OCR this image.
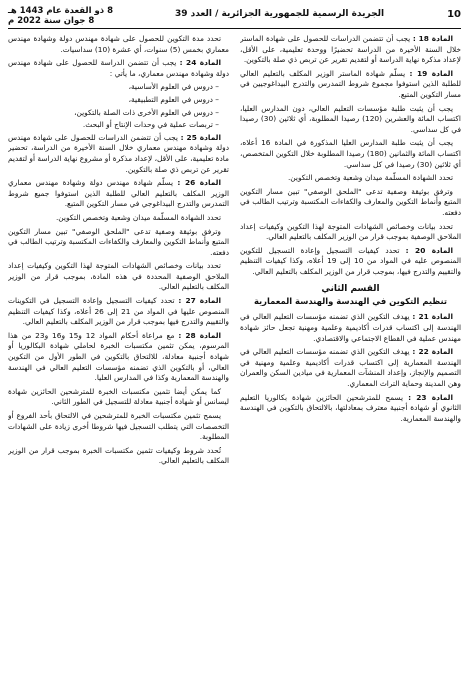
10
الجريدة الرسمية للجمهورية الجزائرية / العدد 39
8 ذو القعدة عام 1443 هـ
8 جوان سنة 2022 م

المادة 18 : يجب أن تتضمن الدراسات للحصول على شهادة الماستر خلال السنة الأخيرة من الدراسة تحضيرًا ووحدة تعليمية، على الأقل، لإعداد مذكرة نهاية الدراسة أو لتقديم تقرير عن تربص ذي صلة بالتكوين.

المادة 19 : يسلّم شهادة الماستر الوزير المكلف بالتعليم العالي للطلبة الذين استوفوا مجموع شروط التمدرس والتدرج البيداغوجيين في مسار التكوين المتبع.

يجب أن يثبت طلبة مؤسسات التعليم العالي، دون المدارس العليا، اكتساب المائة والعشرين (120) رصيدا المطلوبة، أي ثلاثين (30) رصيدا في كل سداسي.

يجب أن يثبت طلبة المدارس العليا المذكورة في المادة 16 أعلاه، اكتساب المائة والثمانين (180) رصيدا المطلوبة خلال التكوين المتخصص، أي ثلاثين (30) رصيدا في كل سداسي.

تحدد الشهادة المسلّمة ميدان وشعبة وتخصص التكوين.

وترفق بوثيقة وصفية تدعى "الملحق الوصفي" تبين مسار التكوين المتبع وأنماط التكوين والمعارف والكفاءات المكتسبة وترتيب الطالب في دفعته.

تحدد بيانات وخصائص الشهادات المتوجة لهذا التكوين وكيفيات إعداد الملاحق الوصفية بموجب قرار من الوزير المكلف بالتعليم العالي.

المادة 20 : تحدد كيفيات التسجيل وإعادة التسجيل للتكوين المنصوص عليه في المواد من 10 إلى 19 أعلاه، وكذا كيفيات التنظيم والتقييم والتدرج فيها، بموجب قرار من الوزير المكلف بالتعليم العالي.

القسم الثاني
تنظيم التكوين في الهندسة والهندسة المعمارية

المادة 21 : يهدف التكوين الذي تضمنه مؤسسات التعليم العالي في الهندسة إلى اكتساب قدرات أكاديمية وعلمية ومهنية تجعل حائز شهادة مهندس عملية في القطاع الاجتماعي والاقتصادي.

المادة 22 : يهدف التكوين الذي تضمنه مؤسسات التعليم العالي في الهندسة المعمارية إلى اكتساب قدرات أكاديمية وعلمية ومهنية في التصميم والإنجاز، وإعداد المنشآت المعمارية في ميادين السكن والعمران وهن المدينة وحماية التراث المعماري.

المادة 23 : يسمح للمترشحين الحائزين شهادة بكالوريا التعليم الثانوي أو شهادة أجنبية معترف بمعادلتها، بالالتحاق بالتكوين في الهندسة والهندسة المعمارية.

تحدد مدة التكوين للحصول على شهادة مهندس دولة وشهادة مهندس معماري بخمس (5) سنوات، أي عشرة (10) سداسيات.

المادة 24 : يجب أن تتضمن الدراسة للحصول على شهادة مهندس دولة وشهادة مهندس معماري، ما يأتي :

– دروس في العلوم الأساسية،

– دروس في العلوم التطبيقية،

– دروس في العلوم الأخرى ذات الصلة بالتكوين،

– تربصات عملية في وحدات الإنتاج أو البحث.

المادة 25 : يجب أن تتضمن الدراسات للحصول على شهادة مهندس دولة وشهادة مهندس معماري خلال السنة الأخيرة من الدراسة، تحضير مادة تعليمية، على الأقل، لإعداد مذكرة أو مشروع نهاية الدراسة أو لتقديم تقرير عن تربص ذي صلة بالتكوين.

المادة 26 : يسلّم شهادة مهندس دولة وشهادة مهندس معماري الوزير المكلف بالتعليم العالي للطلبة الذين استوفوا جميع شروط التمدرس والتدرج البيداغوجي في مسار التكوين المتبع.

تحدد الشهادة المسلّمة ميدان وشعبة وتخصص التكوين.

وترفق بوثيقة وصفية تدعى "الملحق الوصفي" تبين مسار التكوين المتبع وأنماط التكوين والمعارف والكفاءات المكتسبة وترتيب الطالب في دفعته.

تحدد بيانات وخصائص الشهادات المتوجة لهذا التكوين وكيفيات إعداد الملاحق الوصفية المحددة في هذه المادة، بموجب قرار من الوزير المكلف بالتعليم العالي.

المادة 27 : تحدد كيفيات التسجيل وإعادة التسجيل في التكوينات المنصوص عليها في المواد من 21 إلى 26 أعلاه، وكذا كيفيات التنظيم والتقييم والتدرج فيها بموجب قرار من الوزير المكلف بالتعليم العالي.

المادة 28 : مع مراعاة أحكام المواد 12 و15 و16 و23 من هذا المرسوم، يمكن تثمين مكتسبات الخبرة لحاملي شهادة البكالوريا أو شهادة أجنبية معادلة، للالتحاق بالتكوين في الطور الأول من التكوين العالي، أو بالتكوين الذي تضمنه مؤسسات التعليم العالي في الهندسة والهندسة المعمارية وكذا في المدارس العليا.

كما يمكن أيضا تثمين مكتسبات الخبرة للمترشحين الحائزين شهادة ليسانس أو شهادة أجنبية معادلة للتسجيل في الطور الثاني.

يسمح تثمين مكتسبات الخبرة للمترشحين في الالتحاق بأحد الفروع أو التخصصات التي يتطلب التسجيل فيها شروطا أخرى زيادة على الشهادات المطلوبة.

تُحدد شروط وكيفيات تثمين مكتسبات الخبرة بموجب قرار من الوزير المكلف بالتعليم العالي.
